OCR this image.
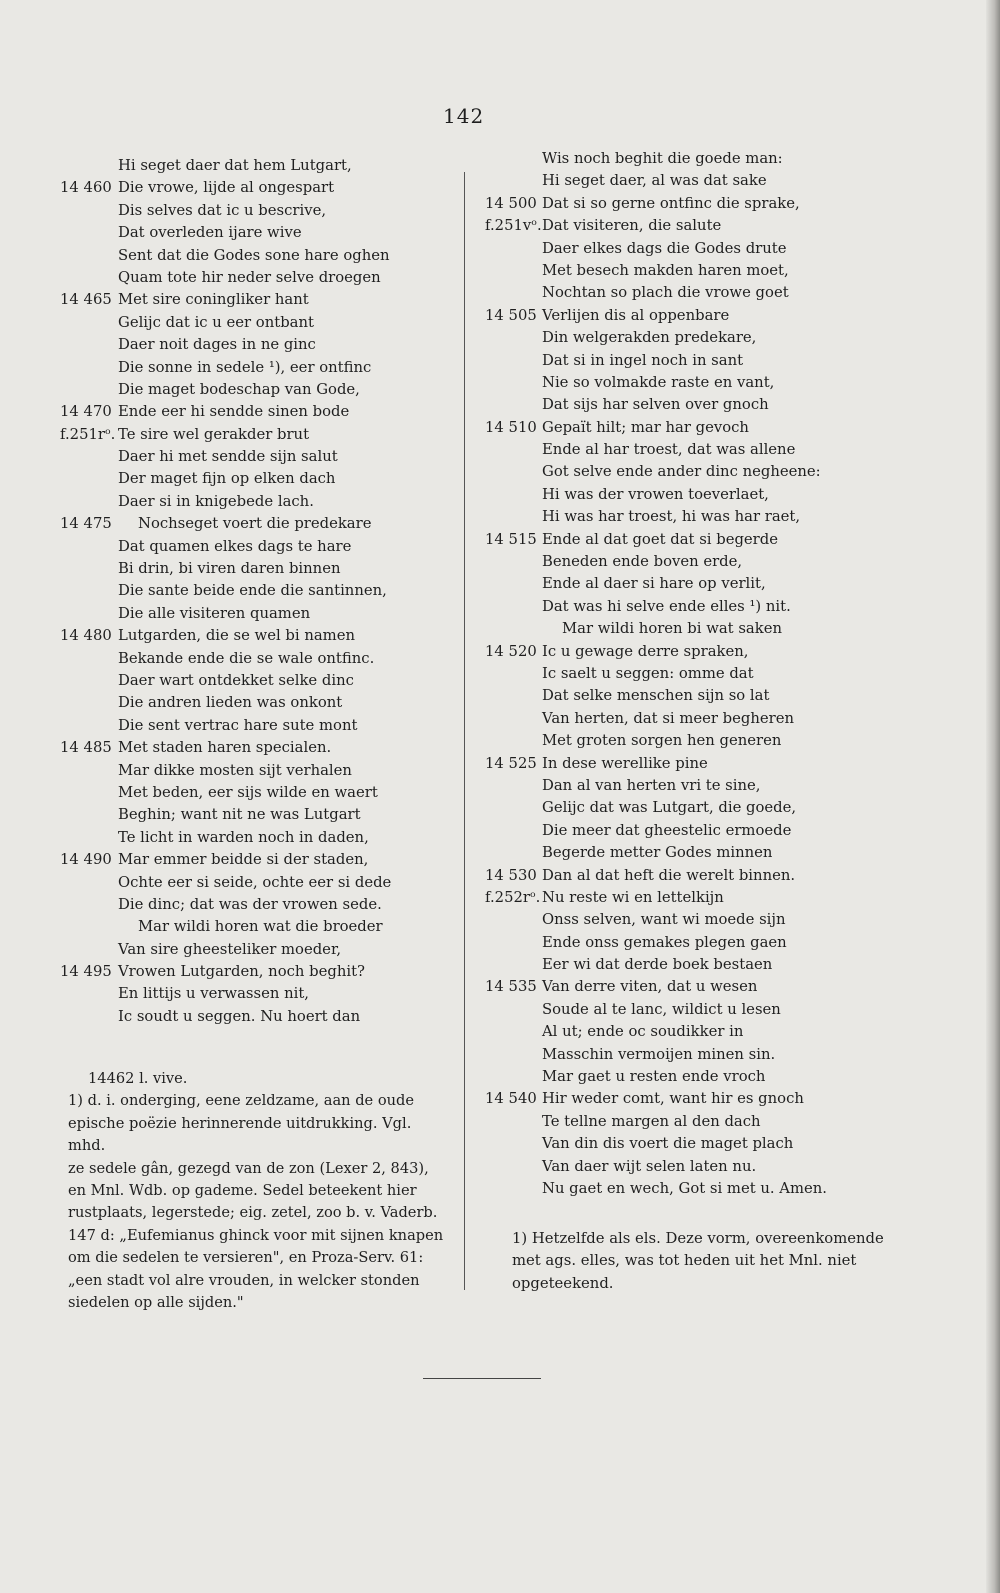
142
Hi seget daer dat hem Lutgart,
14 460 Die vrowe, lijde al ongespart
Dis selves dat ic u bescrive,
Dat overleden ijare wive
Sent dat die Godes sone hare oghen
Quam tote hir neder selve droegen
14 465 Met sire coningliker hant
Gelijc dat ic u eer ontbant
Daer noit dages in ne ginc
Die sonne in sedele ¹), eer ontfinc
Die maget bodeschap van Gode,
14 470 Ende eer hi sendde sinen bode
f.251rᵒ. Te sire wel gerakder brut
Daer hi met sendde sijn salut
Der maget fijn op elken dach
Daer si in knigebede lach.
14 475	Nochseget voert die predekare
Dat quamen elkes dags te hare
Bi drin, bi viren daren binnen
Die sante beide ende die santinnen,
Die alle visiteren quamen
14 480 Lutgarden, die se wel bi namen
Bekande ende die se wale ontfinc.
Daer wart ontdekket selke dinc
Die andren lieden was onkont
Die sent vertrac hare sute mont
14 485 Met staden haren specialen.
Mar dikke mosten sijt verhalen
Met beden, eer sijs wilde en waert
Beghin; want nit ne was Lutgart
Te licht in warden noch in daden,
14 490 Mar emmer beidde si der staden,
Ochte eer si seide, ochte eer si dede
Die dinc; dat was der vrowen sede.
Mar wildi horen wat die broeder
Van sire gheesteliker moeder,
14 495 Vrowen Lutgarden, noch beghit?
En littijs u verwassen nit,
Ic soudt u seggen. Nu hoert dan
Wis noch beghit die goede man:
Hi seget daer, al was dat sake
14 500 Dat si so gerne ontfinc die sprake,
f.251vᵒ. Dat visiteren, die salute
Daer elkes dags die Godes drute
Met besech makden haren moet,
Nochtan so plach die vrowe goet
14 505 Verlijen dis al oppenbare
Din welgerakden predekare,
Dat si in ingel noch in sant
Nie so volmakde raste en vant,
Dat sijs har selven over gnoch
14 510 Gepaït hilt; mar har gevoch
Ende al har troest, dat was allene
Got selve ende ander dinc negheene:
Hi was der vrowen toeverlaet,
Hi was har troest, hi was har raet,
14 515 Ende al dat goet dat si begerde
Beneden ende boven erde,
Ende al daer si hare op verlit,
Dat was hi selve ende elles ¹) nit.
Mar wildi horen bi wat saken
14 520 Ic u gewage derre spraken,
Ic saelt u seggen: omme dat
Dat selke menschen sijn so lat
Van herten, dat si meer begheren
Met groten sorgen hen generen
14 525 In dese werellike pine
Dan al van herten vri te sine,
Gelijc dat was Lutgart, die goede,
Die meer dat gheestelic ermoede
Begerde metter Godes minnen
14 530 Dan al dat heft die werelt binnen.
f.252rᵒ. Nu reste wi en lettelkijn
Onss selven, want wi moede sijn
Ende onss gemakes plegen gaen
Eer wi dat derde boek bestaen
14 535 Van derre viten, dat u wesen
Soude al te lanc, wildict u lesen
Al ut; ende oc soudikker in
Masschin vermoijen minen sin.
Mar gaet u resten ende vroch
14 540 Hir weder comt, want hir es gnoch
Te tellne margen al den dach
Van din dis voert die maget plach
Van daer wijt selen laten nu.
Nu gaet en wech, Got si met u. Amen.

14462 l. vive.

1) d. i. onderging, eene zeldzame, aan de oude

epische poëzie herinnerende uitdrukking. Vgl. mhd.

ze sedele gân, gezegd van de zon (Lexer 2, 843),

en Mnl. Wdb. op gademe. Sedel beteekent hier

rustplaats, legerstede; eig. zetel, zoo b. v. Vaderb.

147 d: „Eufemianus ghinck voor mit sijnen knapen

om die sedelen te versieren", en Proza-Serv. 61:

„een stadt vol alre vrouden, in welcker stonden

siedelen op alle sijden."

1) Hetzelfde als els. Deze vorm, overeenkomende

met ags. elles, was tot heden uit het Mnl. niet

opgeteekend.
